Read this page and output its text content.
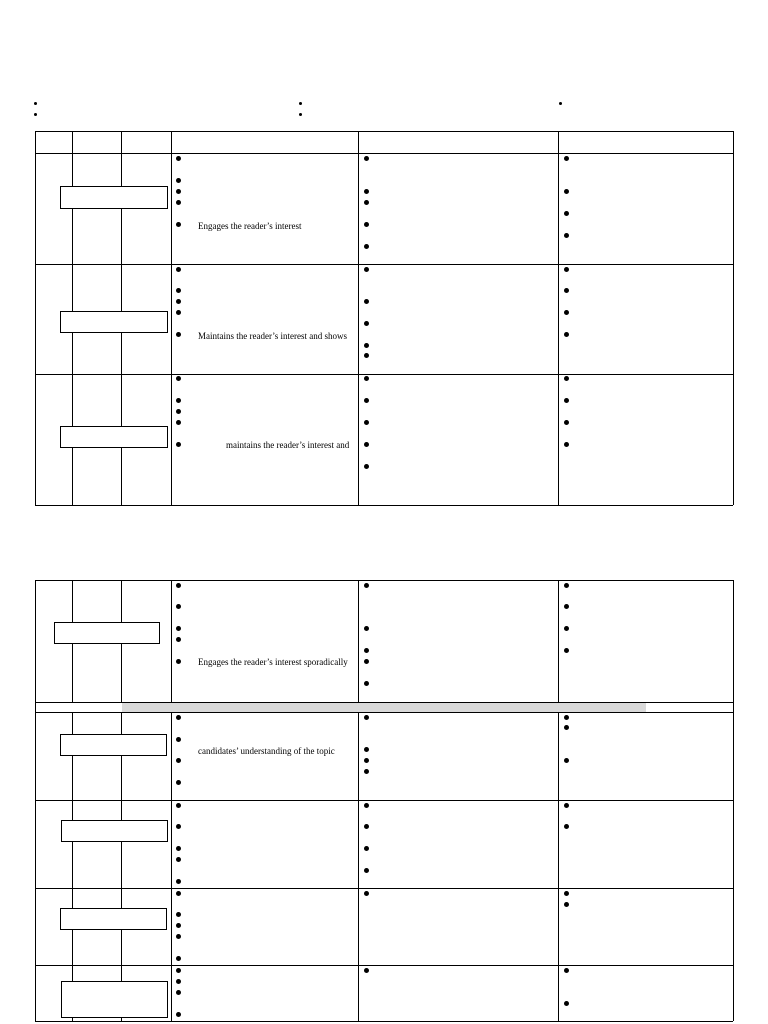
Engages the reader’s interest
Maintains the reader’s interest and shows
maintains the reader’s interest and
Engages the reader’s interest sporadically
candidates’ understanding of the topic
